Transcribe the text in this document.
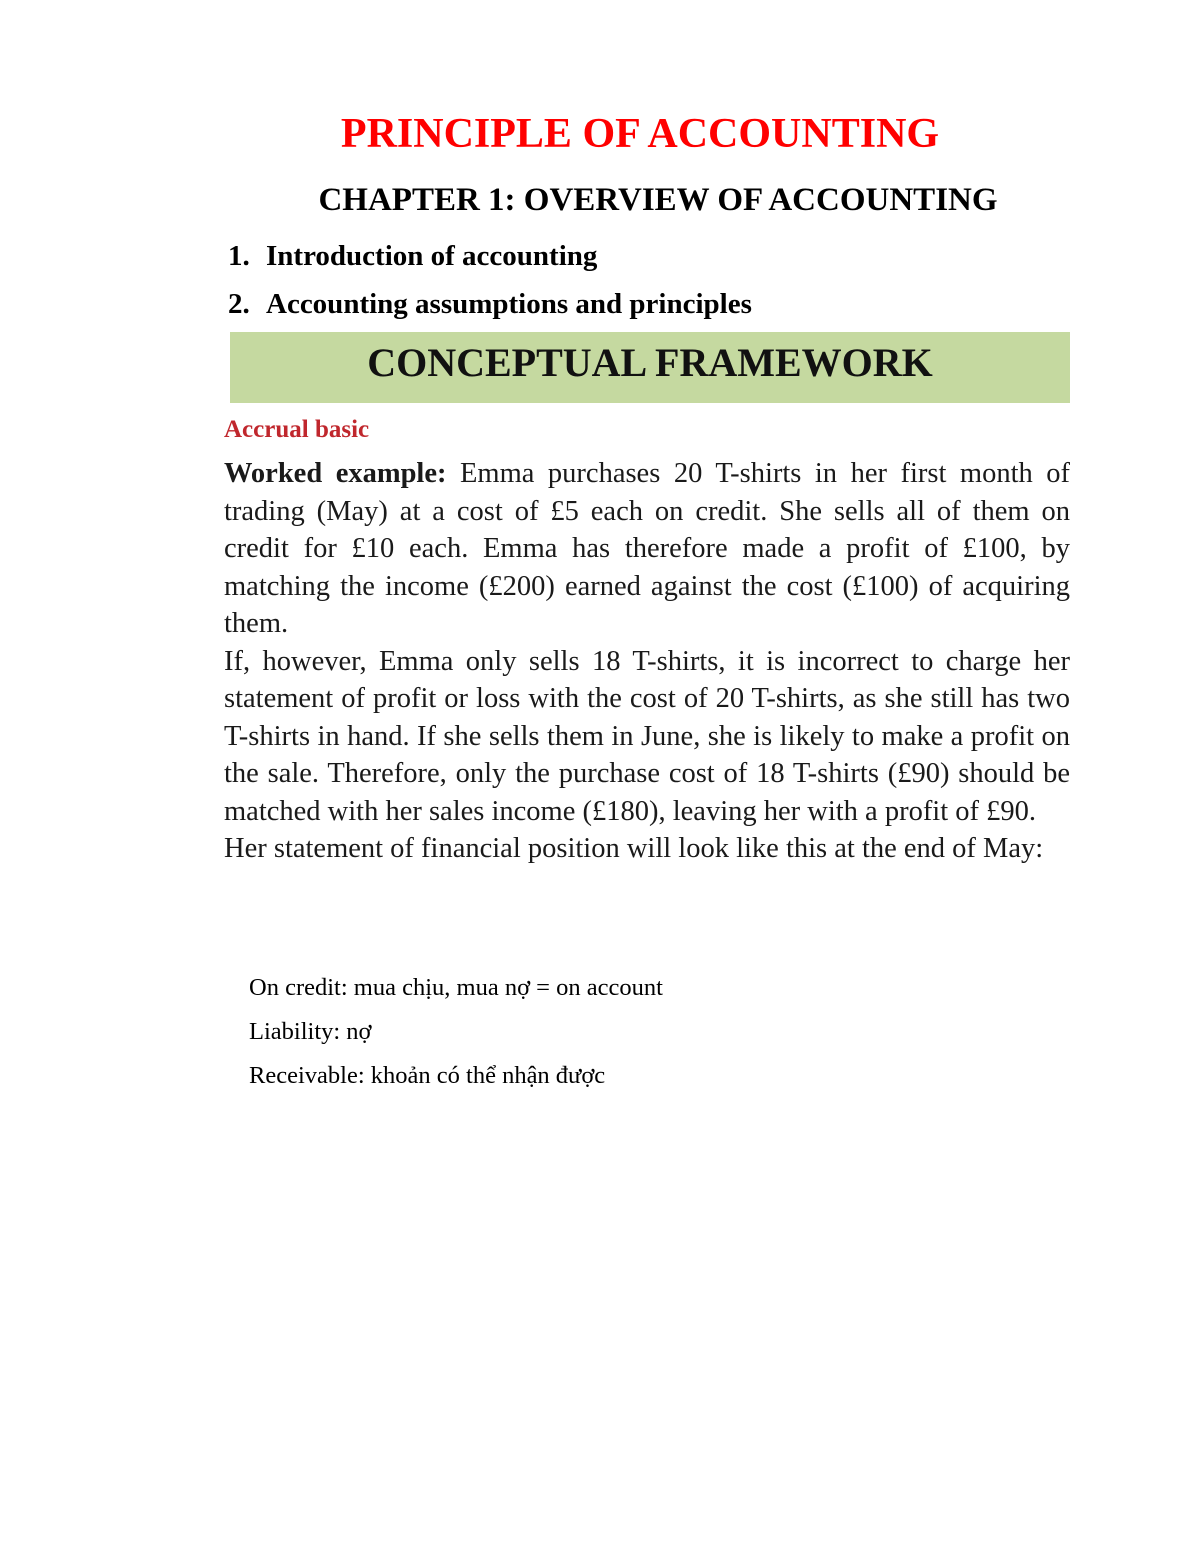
PRINCIPLE OF ACCOUNTING
CHAPTER 1: OVERVIEW OF ACCOUNTING
1. Introduction of accounting
2. Accounting assumptions and principles
CONCEPTUAL FRAMEWORK
Accrual basic

Worked example: Emma purchases 20 T-shirts in her first month of trading (May) at a cost of £5 each on credit. She sells all of them on credit for £10 each. Emma has therefore made a profit of £100, by matching the income (£200) earned against the cost (£100) of acquiring them.

If, however, Emma only sells 18 T-shirts, it is incorrect to charge her statement of profit or loss with the cost of 20 T-shirts, as she still has two T-shirts in hand. If she sells them in June, she is likely to make a profit on the sale. Therefore, only the purchase cost of 18 T-shirts (£90) should be matched with her sales income (£180), leaving her with a profit of £90.

Her statement of financial position will look like this at the end of May:

On credit: mua chịu, mua nợ = on account
Liability: nợ
Receivable: khoản có thể nhận được
